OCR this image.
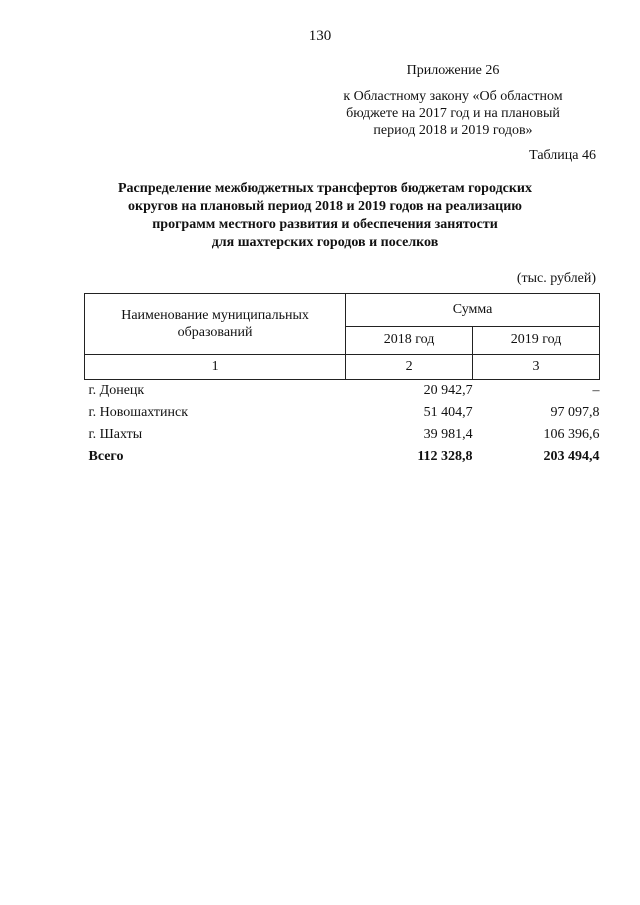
130
Приложение 26
к Областному закону «Об областном
бюджете на 2017 год и на плановый
период 2018 и 2019 годов»
Таблица 46
Распределение межбюджетных трансфертов бюджетам городских
округов на плановый период 2018 и 2019 годов на реализацию
программ местного развития и обеспечения занятости
для шахтерских городов и поселков
(тыс. рублей)
Наименование муниципальных образований	Сумма	
	2018 год	2019 год
1	2	3
г. Донецк	20 942,7	–
г. Новошахтинск	51 404,7	97 097,8
г. Шахты	39 981,4	106 396,6
Всего	112 328,8	203 494,4
